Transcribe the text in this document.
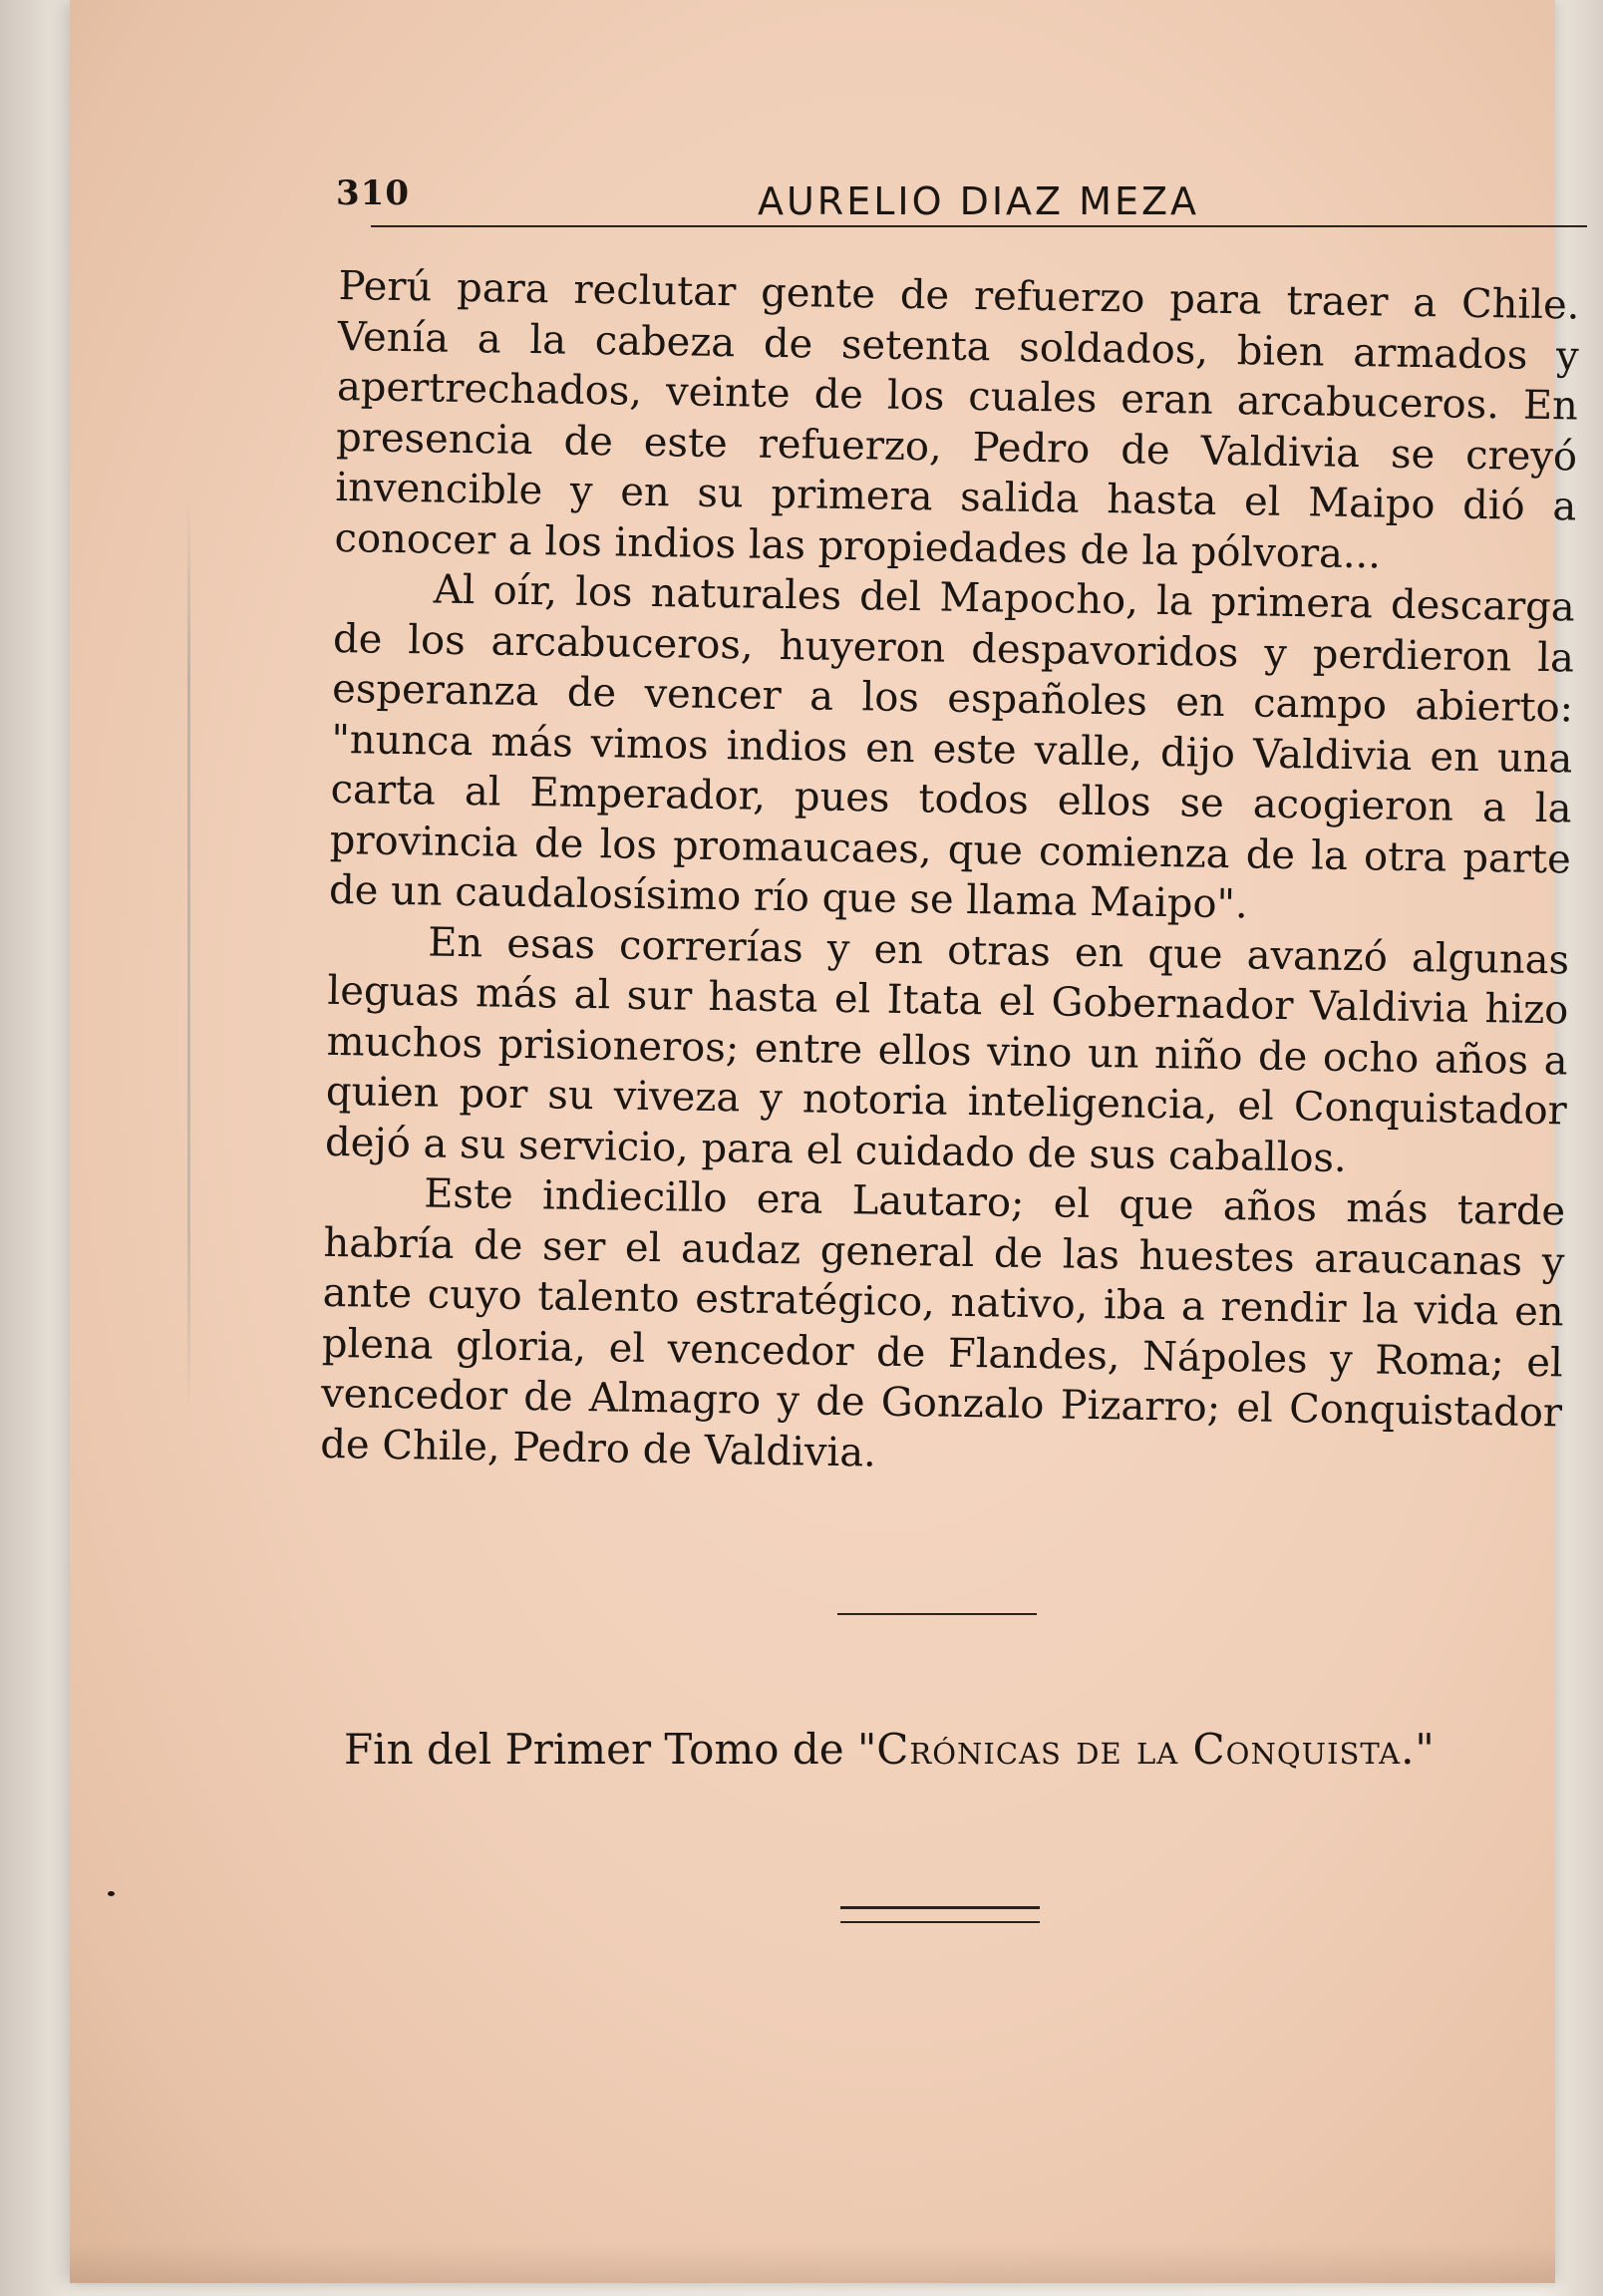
310	AURELIO DIAZ MEZA

Perú para reclutar gente de refuerzo para traer a Chile. Venía a la cabeza de setenta soldados, bien armados y apertrechados, veinte de los cuales eran arcabuceros. En presencia de este refuerzo, Pedro de Valdivia se creyó invencible y en su primera salida hasta el Maipo dió a conocer a los indios las propiedades de la pólvora...

Al oír, los naturales del Mapocho, la primera descarga de los arcabuceros, huyeron despavoridos y perdieron la esperanza de vencer a los españoles en campo abierto: "nunca más vimos indios en este valle, dijo Valdivia en una carta al Emperador, pues todos ellos se acogieron a la provincia de los promaucaes, que comienza de la otra parte de un caudalosísimo río que se llama Maipo".

En esas correrías y en otras en que avanzó algunas leguas más al sur hasta el Itata el Gobernador Valdivia hizo muchos prisioneros; entre ellos vino un niño de ocho años a quien por su viveza y notoria inteligencia, el Conquistador dejó a su servicio, para el cuidado de sus caballos.

Este indiecillo era Lautaro; el que años más tarde habría de ser el audaz general de las huestes araucanas y ante cuyo talento estratégico, nativo, iba a rendir la vida en plena gloria, el vencedor de Flandes, Nápoles y Roma; el vencedor de Almagro y de Gonzalo Pizarro; el Conquistador de Chile, Pedro de Valdivia.

Fin del Primer Tomo de "Crónicas de la Conquista."
